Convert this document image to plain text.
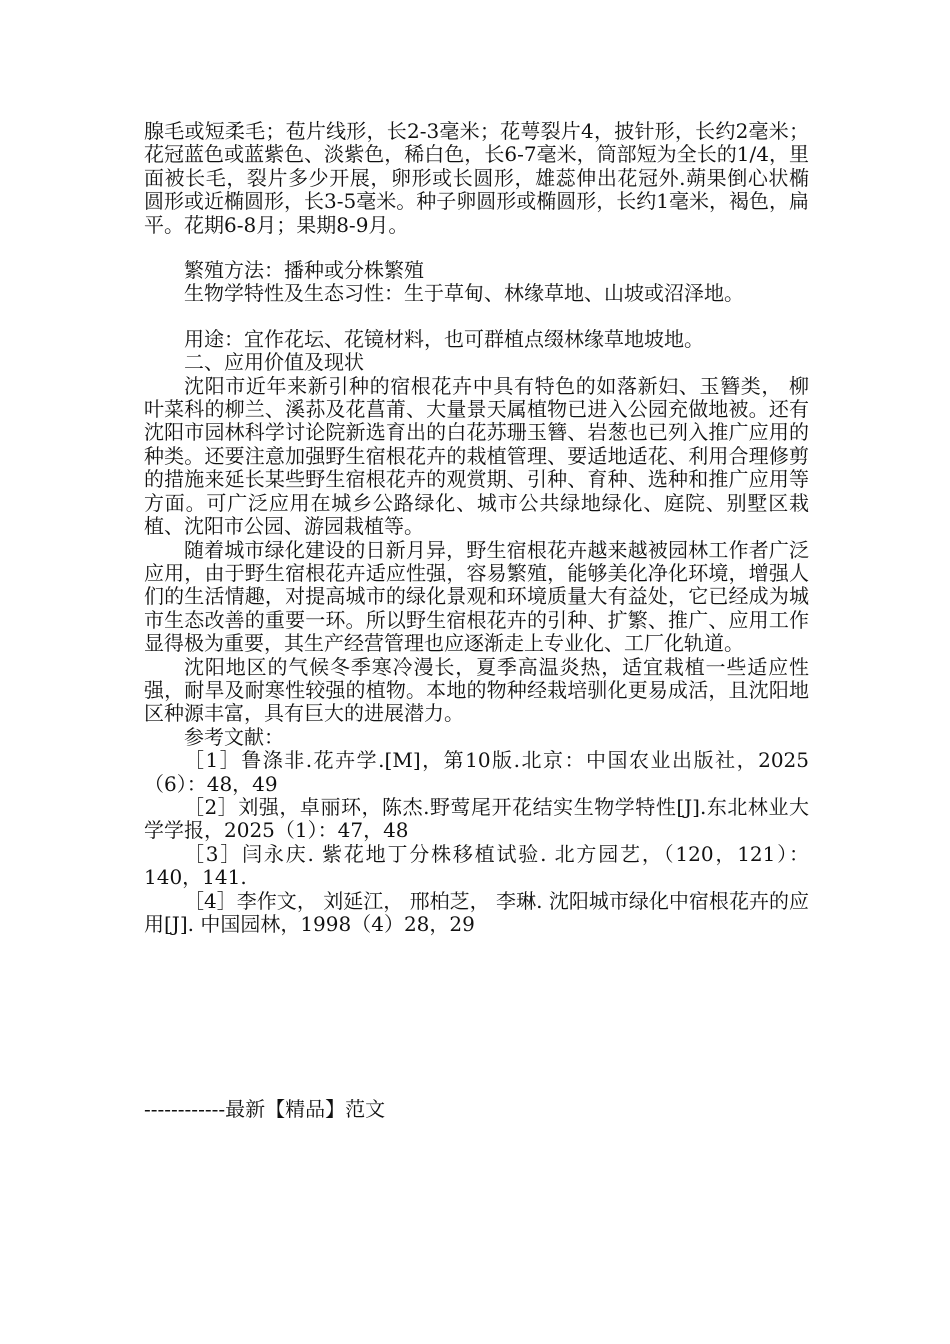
腺毛或短柔毛；苞片线形，长2-3毫米；花萼裂片4，披针形，长约2毫米；花冠蓝色或蓝紫色、淡紫色，稀白色，长6-7毫米，筒部短为全长的1/4，里面被长毛，裂片多少开展，卵形或长圆形，雄蕊伸出花冠外.蒴果倒心状椭圆形或近椭圆形，长3-5毫米。种子卵圆形或椭圆形，长约1毫米，褐色，扁平。花期6-8月；果期8-9月。

繁殖方法：播种或分株繁殖

生物学特性及生态习性：生于草甸、林缘草地、山坡或沼泽地。

用途：宜作花坛、花镜材料，也可群植点缀林缘草地坡地。

二、应用价值及现状

沈阳市近年来新引种的宿根花卉中具有特色的如落新妇、玉簪类， 柳叶菜科的柳兰、溪荪及花菖莆、大量景天属植物已进入公园充做地被。还有沈阳市园林科学讨论院新选育出的白花苏珊玉簪、岩葱也已列入推广应用的种类。还要注意加强野生宿根花卉的栽植管理、要适地适花、利用合理修剪的措施来延长某些野生宿根花卉的观赏期、引种、育种、选种和推广应用等方面。可广泛应用在城乡公路绿化、城市公共绿地绿化、庭院、别墅区栽植、沈阳市公园、游园栽植等。

随着城市绿化建设的日新月异，野生宿根花卉越来越被园林工作者广泛应用，由于野生宿根花卉适应性强，容易繁殖，能够美化净化环境，增强人们的生活情趣，对提高城市的绿化景观和环境质量大有益处，它已经成为城市生态改善的重要一环。所以野生宿根花卉的引种、扩繁、推广、应用工作显得极为重要，其生产经营管理也应逐渐走上专业化、工厂化轨道。

沈阳地区的气候冬季寒冷漫长，夏季高温炎热，适宜栽植一些适应性强，耐旱及耐寒性较强的植物。本地的物种经栽培驯化更易成活，且沈阳地区种源丰富，具有巨大的进展潜力。

参考文献：

［1］鲁涤非.花卉学.[M]，第10版.北京：中国农业出版社，2025（6）：48，49

［2］刘强，卓丽环，陈杰.野莺尾开花结实生物学特性[J].东北林业大学学报，2025（1）：47，48

［3］闫永庆. 紫花地丁分株移植试验. 北方园艺，（120，121）：140，141.

［4］李作文， 刘延江， 邢柏芝， 李琳. 沈阳城市绿化中宿根花卉的应用[J]. 中国园林，1998（4）28，29

------------最新【精品】范文
